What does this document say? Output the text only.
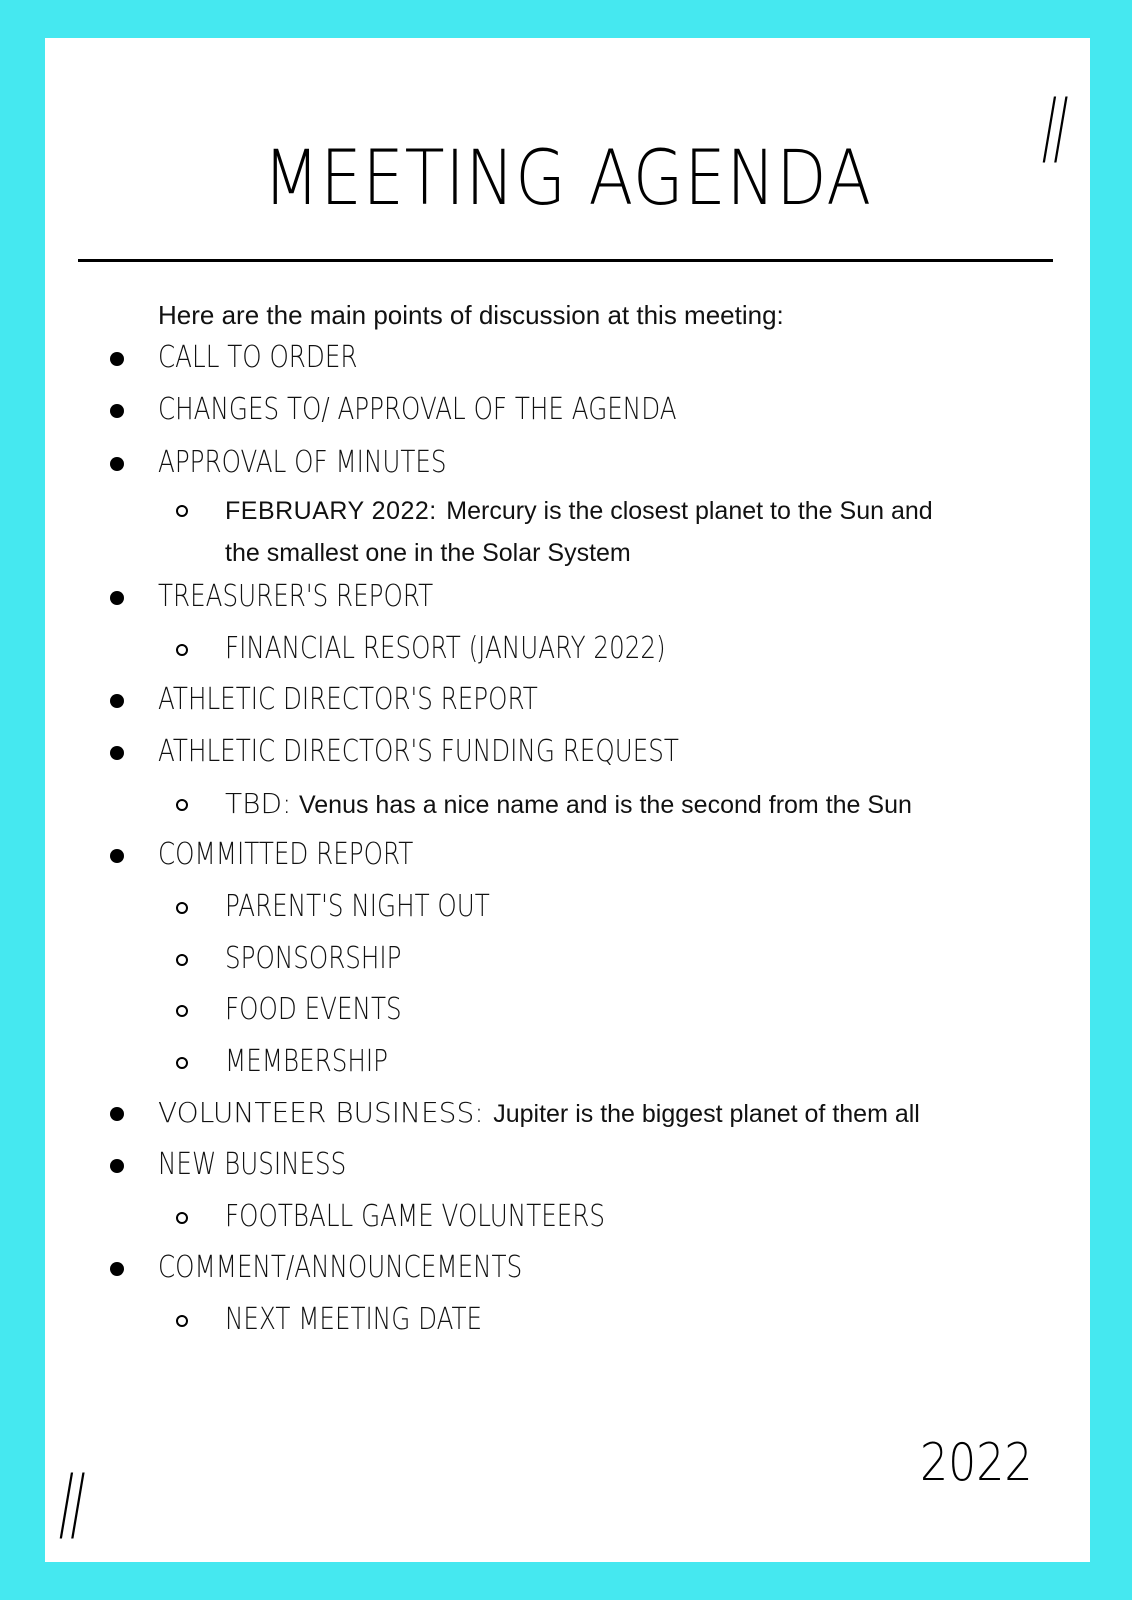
//
MEETING AGENDA
Here are the main points of discussion at this meeting:
CALL TO ORDER
CHANGES TO/ APPROVAL OF THE AGENDA
APPROVAL OF MINUTES
FEBRUARY 2022: Mercury is the closest planet to the Sun and
the smallest one in the Solar System
TREASURER'S REPORT
FINANCIAL RESORT (JANUARY 2022)
ATHLETIC DIRECTOR'S REPORT
ATHLETIC DIRECTOR'S FUNDING REQUEST
TBD: Venus has a nice name and is the second from the Sun
COMMITTED REPORT
PARENT'S NIGHT OUT
SPONSORSHIP
FOOD EVENTS
MEMBERSHIP
VOLUNTEER BUSINESS: Jupiter is the biggest planet of them all
NEW BUSINESS
FOOTBALL GAME VOLUNTEERS
COMMENT/ANNOUNCEMENTS
NEXT MEETING DATE
//	2022
